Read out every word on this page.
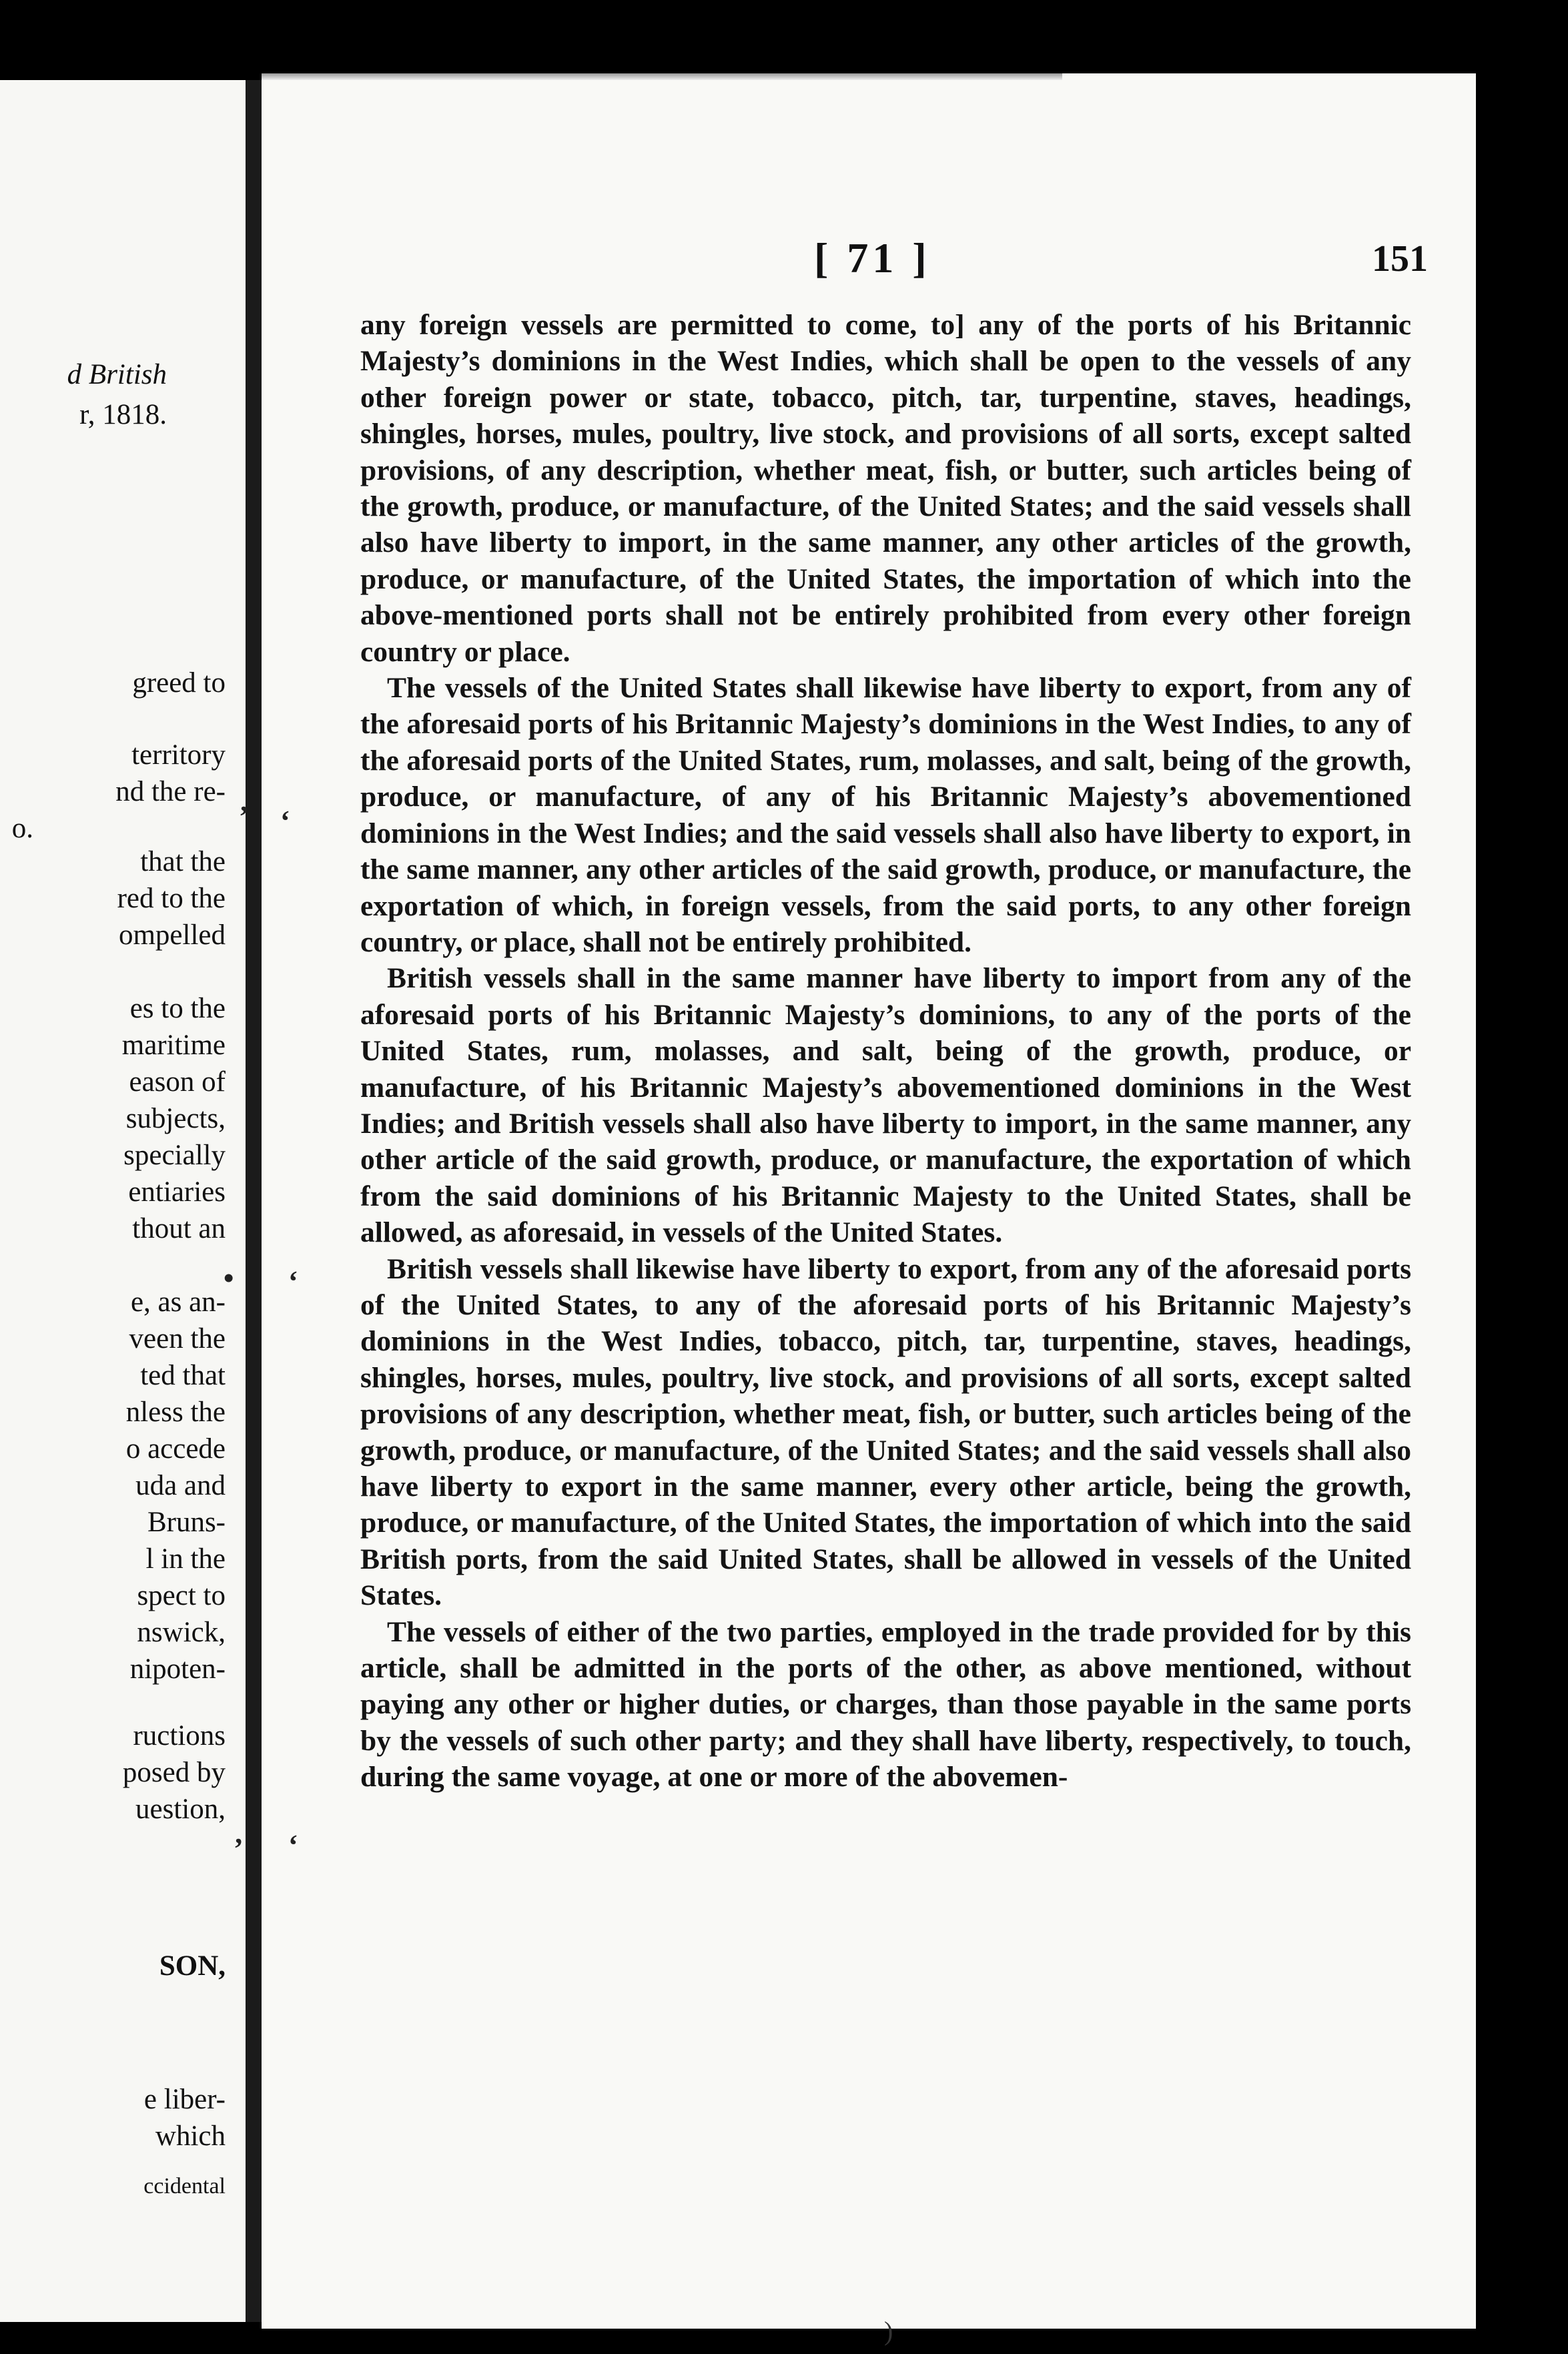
d British
r, 1818.
greed to
territory
nd the re-
o.
that the
red to the
ompelled
es to the
maritime
eason of
subjects,
specially
entiaries
thout an
e, as an-
veen the
ted that
nless the
o accede
uda and
Bruns-
l in the
spect to
nswick,
nipoten-
ructions
posed by
uestion,
SON,
e liber-
which
ccidental
’ ‘
• ‘
’ ‘
[ 71 ]	151

any foreign vessels are permitted to come, to] any of the ports of his Britannic Majesty’s dominions in the West Indies, which shall be open to the vessels of any other foreign power or state, tobacco, pitch, tar, turpentine, staves, headings, shingles, horses, mules, poultry, live stock, and provisions of all sorts, except salted provisions, of any description, whether meat, fish, or butter, such articles being of the growth, produce, or manufacture, of the United States; and the said vessels shall also have liberty to import, in the same manner, any other articles of the growth, produce, or manufacture, of the United States, the importation of which into the above-mentioned ports shall not be entirely prohibited from every other foreign country or place.

The vessels of the United States shall likewise have liberty to export, from any of the aforesaid ports of his Britannic Majesty’s dominions in the West Indies, to any of the aforesaid ports of the United States, rum, molasses, and salt, being of the growth, produce, or manufacture, of any of his Britannic Majesty’s abovementioned dominions in the West Indies; and the said vessels shall also have liberty to export, in the same manner, any other articles of the said growth, produce, or manufacture, the exportation of which, in foreign vessels, from the said ports, to any other foreign country, or place, shall not be entirely prohibited.

British vessels shall in the same manner have liberty to import from any of the aforesaid ports of his Britannic Majesty’s dominions, to any of the ports of the United States, rum, molasses, and salt, being of the growth, produce, or manufacture, of his Britannic Majesty’s abovementioned dominions in the West Indies; and British vessels shall also have liberty to import, in the same manner, any other article of the said growth, produce, or manufacture, the exportation of which from the said dominions of his Britannic Majesty to the United States, shall be allowed, as aforesaid, in vessels of the United States.

British vessels shall likewise have liberty to export, from any of the aforesaid ports of the United States, to any of the aforesaid ports of his Britannic Majesty’s dominions in the West Indies, tobacco, pitch, tar, turpentine, staves, headings, shingles, horses, mules, poultry, live stock, and provisions of all sorts, except salted provisions of any description, whether meat, fish, or butter, such articles being of the growth, produce, or manufacture, of the United States; and the said vessels shall also have liberty to export in the same manner, every other article, being the growth, produce, or manufacture, of the United States, the importation of which into the said British ports, from the said United States, shall be allowed in vessels of the United States.

The vessels of either of the two parties, employed in the trade provided for by this article, shall be admitted in the ports of the other, as above mentioned, without paying any other or higher duties, or charges, than those payable in the same ports by the vessels of such other party; and they shall have liberty, respectively, to touch, during the same voyage, at one or more of the abovemen-

)
